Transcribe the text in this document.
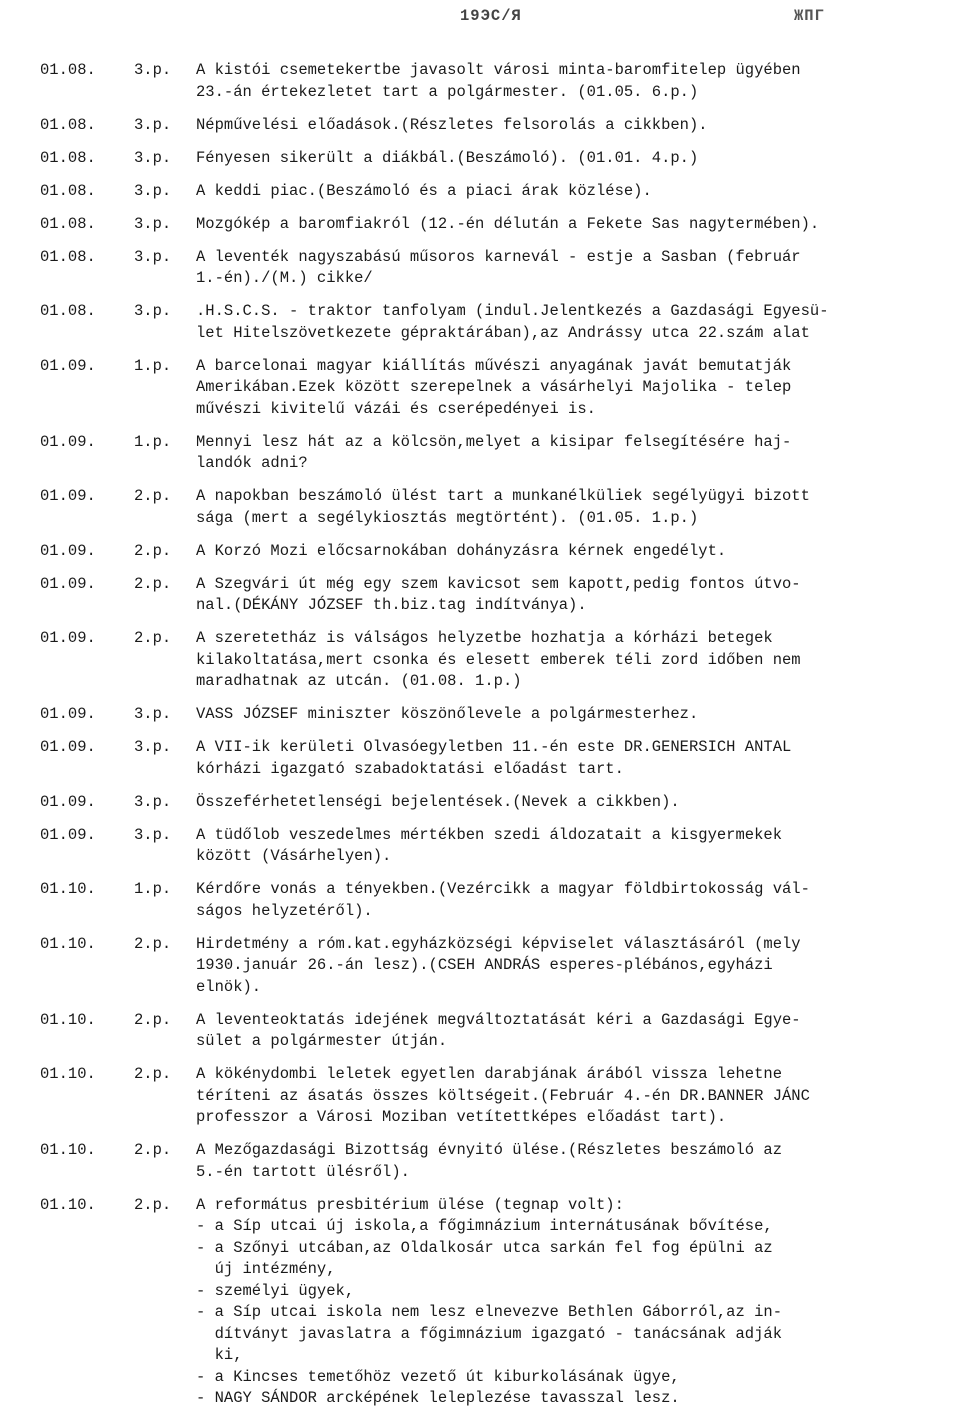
19ЭС/Я	ЖПГ
01.08. 3.p. A kistói csemetekertbe javasolt városi minta-baromfitelep ügyében
23.-án értekezletet tart a polgármester. (01.05. 6.p.)
01.08. 3.p. Népművelési előadások.(Részletes felsorolás a cikkben).
01.08. 3.p. Fényesen sikerült a diákbál.(Beszámoló). (01.01. 4.p.)
01.08. 3.p. A keddi piac.(Beszámoló és a piaci árak közlése).
01.08. 3.p. Mozgókép a baromfiakról (12.-én délután a Fekete Sas nagytermében).
01.08. 3.p. A leventék nagyszabású műsoros karnevál - estje a Sasban (február
1.-én)./(M.) cikke/
01.08. 3.p. .H.S.C.S. - traktor tanfolyam (indul.Jelentkezés a Gazdasági Egyesü-
let Hitelszövetkezete gépraktárában),az Andrássy utca 22.szám alat
01.09. 1.p. A barcelonai magyar kiállítás művészi anyagának javát bemutatják
Amerikában.Ezek között szerepelnek a vásárhelyi Majolika - telep
művészi kivitelű vázái és cserépedényei is.
01.09. 1.p. Mennyi lesz hát az a kölcsön,melyet a kisipar felsegítésére haj-
landók adni?
01.09. 2.p. A napokban beszámoló ülést tart a munkanélküliek segélyügyi bizott
sága (mert a segélykiosztás megtörtént). (01.05. 1.p.)
01.09. 2.p. A Korzó Mozi előcsarnokában dohányzásra kérnek engedélyt.
01.09. 2.p. A Szegvári út még egy szem kavicsot sem kapott,pedig fontos útvo-
nal.(DÉKÁNY JÓZSEF th.biz.tag indítványa).
01.09. 2.p. A szeretetház is válságos helyzetbe hozhatja a kórházi betegek
kilakoltatása,mert csonka és elesett emberek téli zord időben nem
maradhatnak az utcán. (01.08. 1.p.)
01.09. 3.p. VASS JÓZSEF miniszter köszönőlevele a polgármesterhez.
01.09. 3.p. A VII-ik kerületi Olvasóegyletben 11.-én este DR.GENERSICH ANTAL
kórházi igazgató szabadoktatási előadást tart.
01.09. 3.p. Összeférhetetlenségi bejelentések.(Nevek a cikkben).
01.09. 3.p. A tüdőlob veszedelmes mértékben szedi áldozatait a kisgyermekek
között (Vásárhelyen).
01.10. 1.p. Kérdőre vonás a tényekben.(Vezércikk a magyar földbirtokosság vál-
ságos helyzetéről).
01.10. 2.p. Hirdetmény a róm.kat.egyházközségi képviselet választásáról (mely
1930.január 26.-án lesz).(CSEH ANDRÁS esperes-plébános,egyházi
elnök).
01.10. 2.p. A leventeoktatás idejének megváltoztatását kéri a Gazdasági Egye-
sület a polgármester útján.
01.10. 2.p. A kökénydombi leletek egyetlen darabjának árából vissza lehetne
téríteni az ásatás összes költségeit.(Február 4.-én DR.BANNER JÁNC
professzor a Városi Moziban vetítettképes előadást tart).
01.10. 2.p. A Mezőgazdasági Bizottság évnyitó ülése.(Részletes beszámoló az
5.-én tartott ülésről).
01.10. 2.p. A református presbitérium ülése (tegnap volt):
- a Síp utcai új iskola,a főgimnázium internátusának bővítése,
- a Szőnyi utcában,az Oldalkosár utca sarkán fel fog épülni az
új intézmény,
- személyi ügyek,
- a Síp utcai iskola nem lesz elnevezve Bethlen Gáborról,az in-
dítványt javaslatra a főgimnázium igazgató - tanácsának adják
ki,
- a Kincses temetőhöz vezető út kiburkolásának ügye,
- NAGY SÁNDOR arcképének leleplezése tavasszal lesz.
